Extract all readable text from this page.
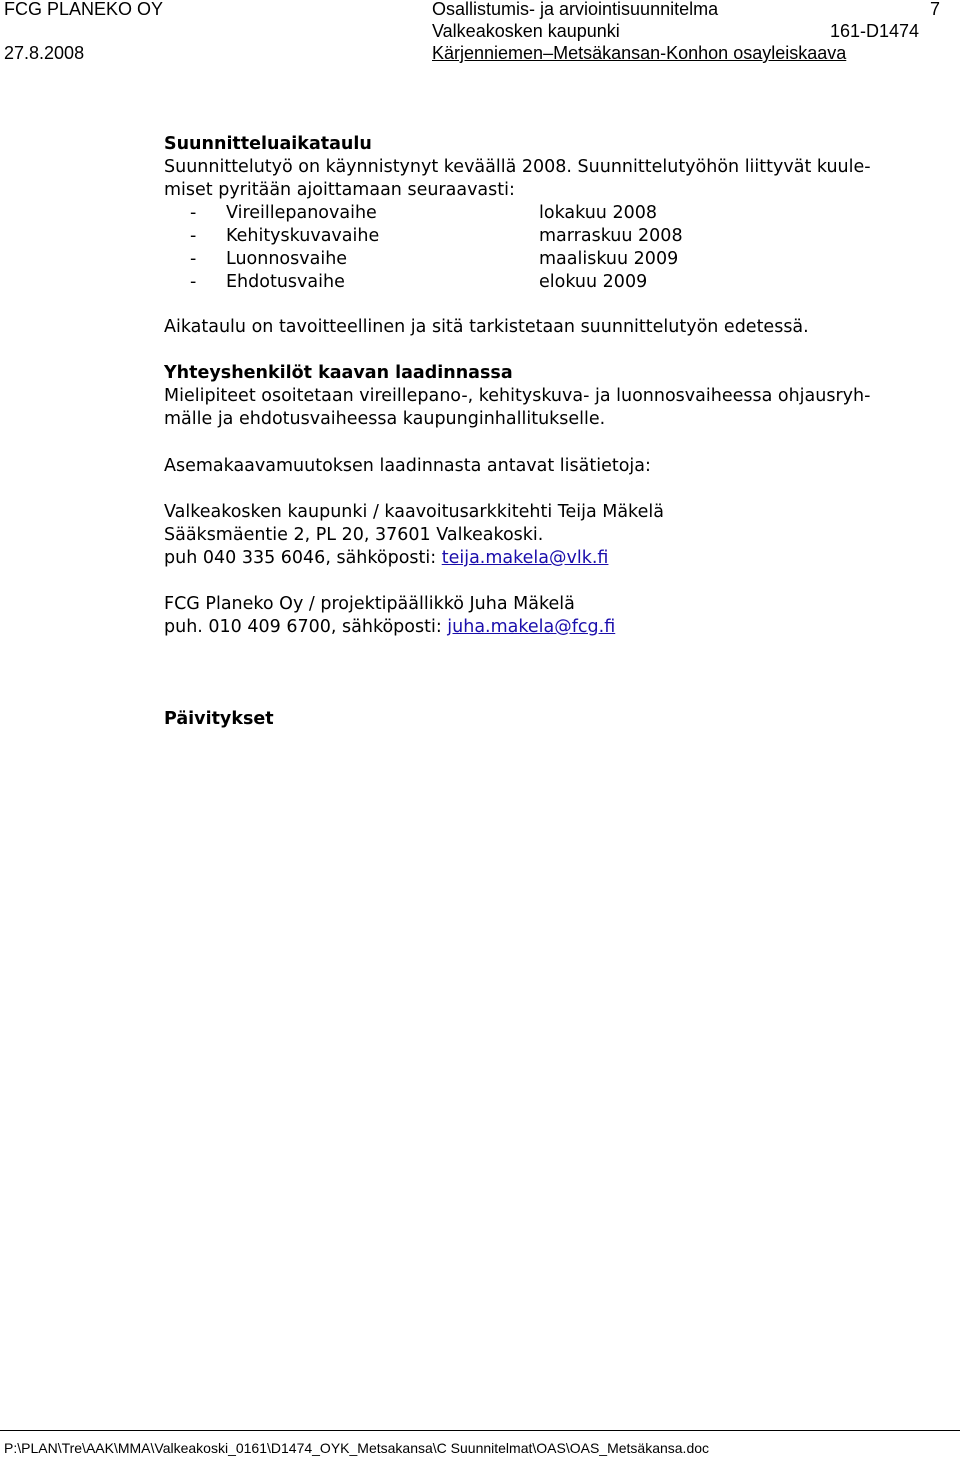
FCG PLANEKO OY
27.8.2008
Osallistumis- ja arviointisuunnitelma	7
Valkeakosken kaupunki	161-D1474
Kärjenniemen–Metsäkansan-Konhon osayleiskaava
Suunnitteluaikataulu
Suunnittelutyö on käynnistynyt keväällä 2008. Suunnittelutyöhön liittyvät kuule-
miset pyritään ajoittamaan seuraavasti:
- Vireillepanovaihe	lokakuu 2008
- Kehityskuvavaihe	marraskuu 2008
- Luonnosvaihe	maaliskuu 2009
- Ehdotusvaihe	elokuu 2009
Aikataulu on tavoitteellinen ja sitä tarkistetaan suunnittelutyön edetessä.
Yhteyshenkilöt kaavan laadinnassa
Mielipiteet osoitetaan vireillepano-, kehityskuva- ja luonnosvaiheessa ohjausryh-
mälle ja ehdotusvaiheessa kaupunginhallitukselle.
Asemakaavamuutoksen laadinnasta antavat lisätietoja:
Valkeakosken kaupunki / kaavoitusarkkitehti Teija Mäkelä
Sääksmäentie 2, PL 20, 37601 Valkeakoski.
puh 040 335 6046, sähköposti: teija.makela@vlk.fi
FCG Planeko Oy / projektipäällikkö Juha Mäkelä
puh. 010 409 6700, sähköposti: juha.makela@fcg.fi
Päivitykset
P:\PLAN\Tre\AAK\MMA\Valkeakoski_0161\D1474_OYK_Metsakansa\C Suunnitelmat\OAS\OAS_Metsäkansa.doc
